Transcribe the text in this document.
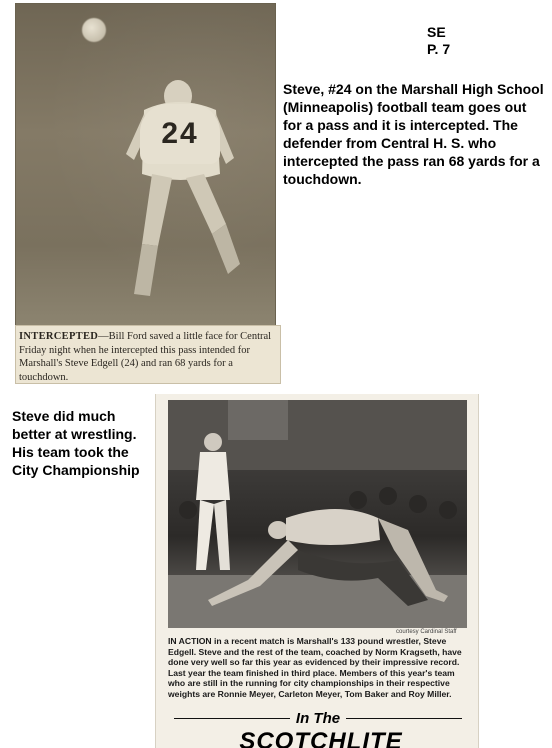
24
INTERCEPTED—Bill Ford saved a little face for Central Friday night when he intercepted this pass intended for Marshall's Steve Edgell (24) and ran 68 yards for a touchdown.
SE
P. 7
Steve, #24 on the Marshall High School (Minneapolis) football team goes out for a pass and it is intercepted. The defender from Central H. S. who intercepted the pass ran 68 yards for a touchdown.
Steve did much better at wrestling. His team took the City Championship
courtesy Cardinal Staff
IN ACTION in a recent match is Marshall's 133 pound wrestler, Steve Edgell. Steve and the rest of the team, coached by Norm Kragseth, have done very well so far this year as evidenced by their impressive record. Last year the team finished in third place. Members of this year's team who are still in the running for city championships in their respective weights are Ronnie Meyer, Carleton Meyer, Tom Baker and Roy Miller.
In The
SCOTCHLITE
